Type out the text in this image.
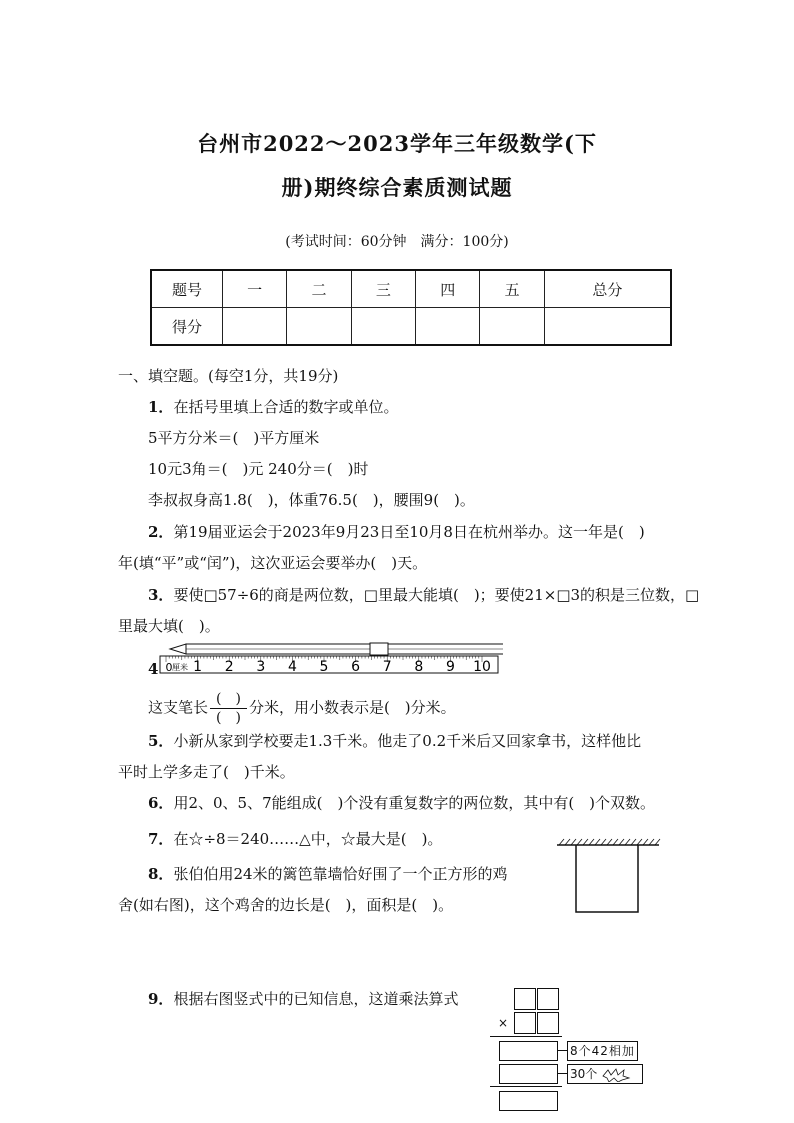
台州市2022～2023学年三年级数学(下
册)期终综合素质测试题
(考试时间：60分钟　满分：100分)
题号	一	二	三	四	五	总分
得分						
一、填空题。(每空1分，共19分)
1．在括号里填上合适的数字或单位。
5平方分米＝(　)平方厘米
10元3角＝(　)元 240分＝(　)时
李叔叔身高1.8(　)，体重76.5(　)，腰围9(　)。
2．第19届亚运会于2023年9月23日至10月8日在杭州举办。这一年是(　)
年(填“平”或“闰”)，这次亚运会要举办(　)天。
3．要使□57÷6的商是两位数，□里最大能填(　)；要使21×□3的积是三位数，□
里最大填(　)。
4 0 1 2 3 4 5 6 7 8 9 10
厘米
这支笔长 $\frac{( )}{( )}$ 分米，用小数表示是(　)分米。
5．小新从家到学校要走1.3千米。他走了0.2千米后又回家拿书，这样他比
平时上学多走了(　)千米。
6．用2、0、5、7能组成(　)个没有重复数字的两位数，其中有(　)个双数。
7．在☆÷8＝240……△中，☆最大是(　)。
8．张伯伯用24米的篱笆靠墙恰好围了一个正方形的鸡
舍(如右图)，这个鸡舍的边长是(　)，面积是(　)。
9．根据右图竖式中的已知信息，这道乘法算式
×
8个42相加
30个
